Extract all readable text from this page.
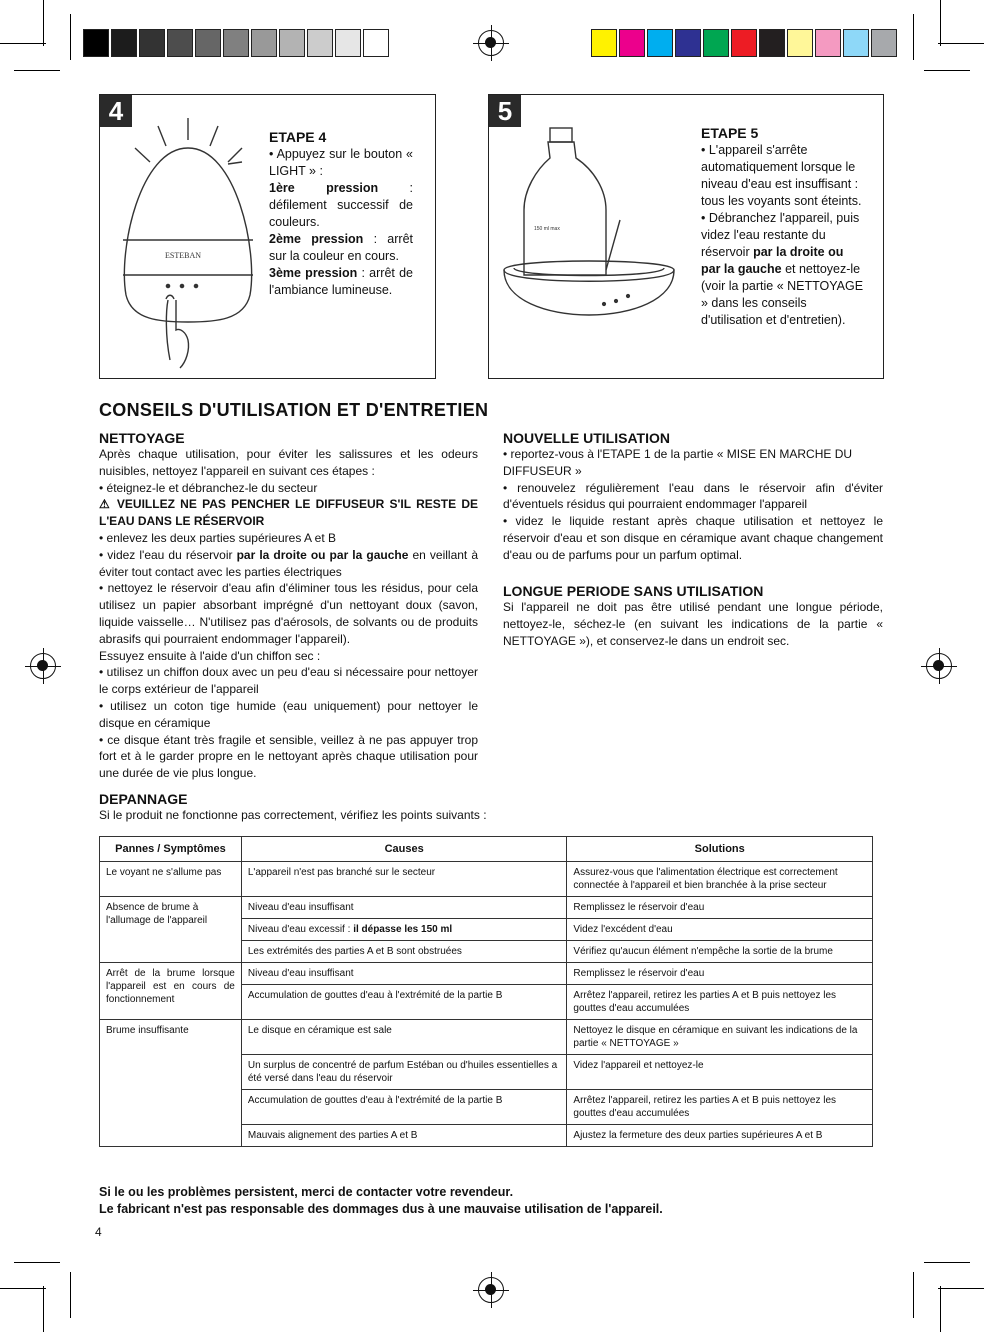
4
ESTEBAN
ETAPE 4
• Appuyez sur le bouton « LIGHT » :
1ère pression : défilement successif de couleurs.
2ème pression : arrêt sur la couleur en cours.
3ème pression : arrêt de l'ambiance lumineuse.
5
150 ml max
ETAPE 5
• L'appareil s'arrête automatiquement lorsque le niveau d'eau est insuffisant : tous les voyants sont éteints.
• Débranchez l'appareil, puis videz l'eau restante du réservoir par la droite ou par la gauche et nettoyez-le (voir la partie « NETTOYAGE » dans les conseils d'utilisation et d'entretien).
CONSEILS D'UTILISATION ET D'ENTRETIEN
NETTOYAGE
Après chaque utilisation, pour éviter les salissures et les odeurs nuisibles, nettoyez l'appareil en suivant ces étapes :
• éteignez-le et débranchez-le du secteur
⚠ VEUILLEZ NE PAS PENCHER LE DIFFUSEUR S'IL RESTE DE L'EAU DANS LE RÉSERVOIR
• enlevez les deux parties supérieures A et B
• videz l'eau du réservoir par la droite ou par la gauche en veillant à éviter tout contact avec les parties électriques
• nettoyez le réservoir d'eau afin d'éliminer tous les résidus, pour cela utilisez un papier absorbant imprégné d'un nettoyant doux (savon, liquide vaisselle… N'utilisez pas d'aérosols, de solvants ou de produits abrasifs qui pourraient endommager l'appareil).
Essuyez ensuite à l'aide d'un chiffon sec :
• utilisez un chiffon doux avec un peu d'eau si nécessaire pour nettoyer le corps extérieur de l'appareil
• utilisez un coton tige humide (eau uniquement) pour nettoyer le disque en céramique
• ce disque étant très fragile et sensible, veillez à ne pas appuyer trop fort et à le garder propre en le nettoyant après chaque utilisation pour une durée de vie plus longue.
NOUVELLE UTILISATION
• reportez-vous à l'ETAPE 1 de la partie « MISE EN MARCHE DU DIFFUSEUR »
• renouvelez régulièrement l'eau dans le réservoir afin d'éviter d'éventuels résidus qui pourraient endommager l'appareil
• videz le liquide restant après chaque utilisation et nettoyez le réservoir d'eau et son disque en céramique avant chaque changement d'eau ou de parfums pour un parfum optimal.
LONGUE PERIODE SANS UTILISATION
Si l'appareil ne doit pas être utilisé pendant une longue période, nettoyez-le, séchez-le (en suivant les indications de la partie « NETTOYAGE »), et conservez-le dans un endroit sec.
DEPANNAGE
Si le produit ne fonctionne pas correctement, vérifiez les points suivants :
Pannes / Symptômes	Causes	Solutions
Le voyant ne s'allume pas	L'appareil n'est pas branché sur le secteur	Assurez-vous que l'alimentation électrique est correctement connectée à l'appareil et bien branchée à la prise secteur
Absence de brume à l'allumage de l'appareil	Niveau d'eau insuffisant	Remplissez le réservoir d'eau
	Niveau d'eau excessif : il dépasse les 150 ml	Videz l'excédent d'eau
	Les extrémités des parties A et B sont obstruées	Vérifiez qu'aucun élément n'empêche la sortie de la brume
Arrêt de la brume lorsque l'appareil est en cours de fonctionnement	Niveau d'eau insuffisant	Remplissez le réservoir d'eau
	Accumulation de gouttes d'eau à l'extrémité de la partie B	Arrêtez l'appareil, retirez les parties A et B puis nettoyez les gouttes d'eau accumulées
Brume insuffisante	Le disque en céramique est sale	Nettoyez le disque en céramique en suivant les indications de la partie « NETTOYAGE »
	Un surplus de concentré de parfum Estéban ou d'huiles essentielles a été versé dans l'eau du réservoir	Videz l'appareil et nettoyez-le
	Accumulation de gouttes d'eau à l'extrémité de la partie B	Arrêtez l'appareil, retirez les parties A et B puis nettoyez les gouttes d'eau accumulées
	Mauvais alignement des parties A et B	Ajustez la fermeture des deux parties supérieures A et B
Si le ou les problèmes persistent, merci de contacter votre revendeur.
Le fabricant n'est pas responsable des dommages dus à une mauvaise utilisation de l'appareil.
4
